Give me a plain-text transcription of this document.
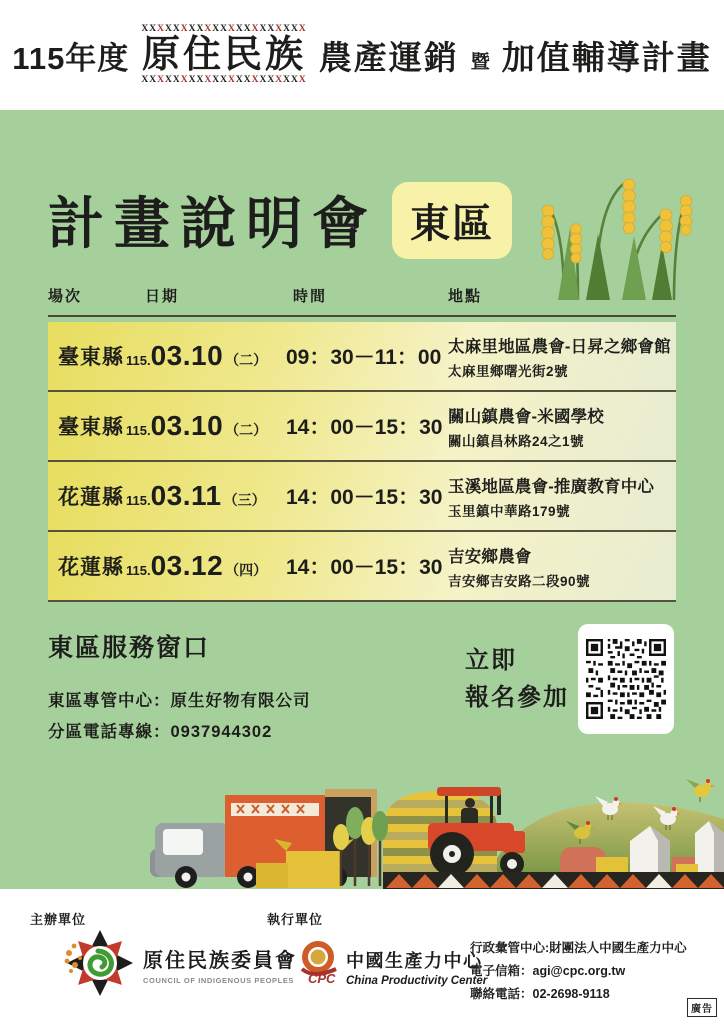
115年度
XXXXXXXXXXXXXXXXXXXXX
原住民族
XXXXXXXXXXXXXXXXXXXXX
農產運銷 暨 加值輔導計畫
計畫說明會 東區
場次	日期	時間	地點
臺東縣 115.03.10 （二） 09：30－11：00 太麻里地區農會-日昇之鄉會館
太麻里鄉曙光街2號
臺東縣 115.03.10 （二） 14：00－15：30 關山鎮農會-米國學校
關山鎮昌林路24之1號
花蓮縣 115.03.11 （三） 14：00－15：30 玉溪地區農會-推廣教育中心
玉里鎮中華路179號
花蓮縣 115.03.12 （四） 14：00－15：30 吉安鄉農會
吉安鄉吉安路二段90號
東區服務窗口
東區專管中心：原生好物有限公司
分區電話專線：0937944302
立即
報名參加
主辦單位	執行單位
原住民族委員會
COUNCIL OF INDIGENOUS PEOPLES CPC
中國生產力中心
China Productivity Center
行政彙管中心:財團法人中國生產力中心
電子信箱：agi@cpc.org.tw
聯絡電話：02-2698-9118
廣告
